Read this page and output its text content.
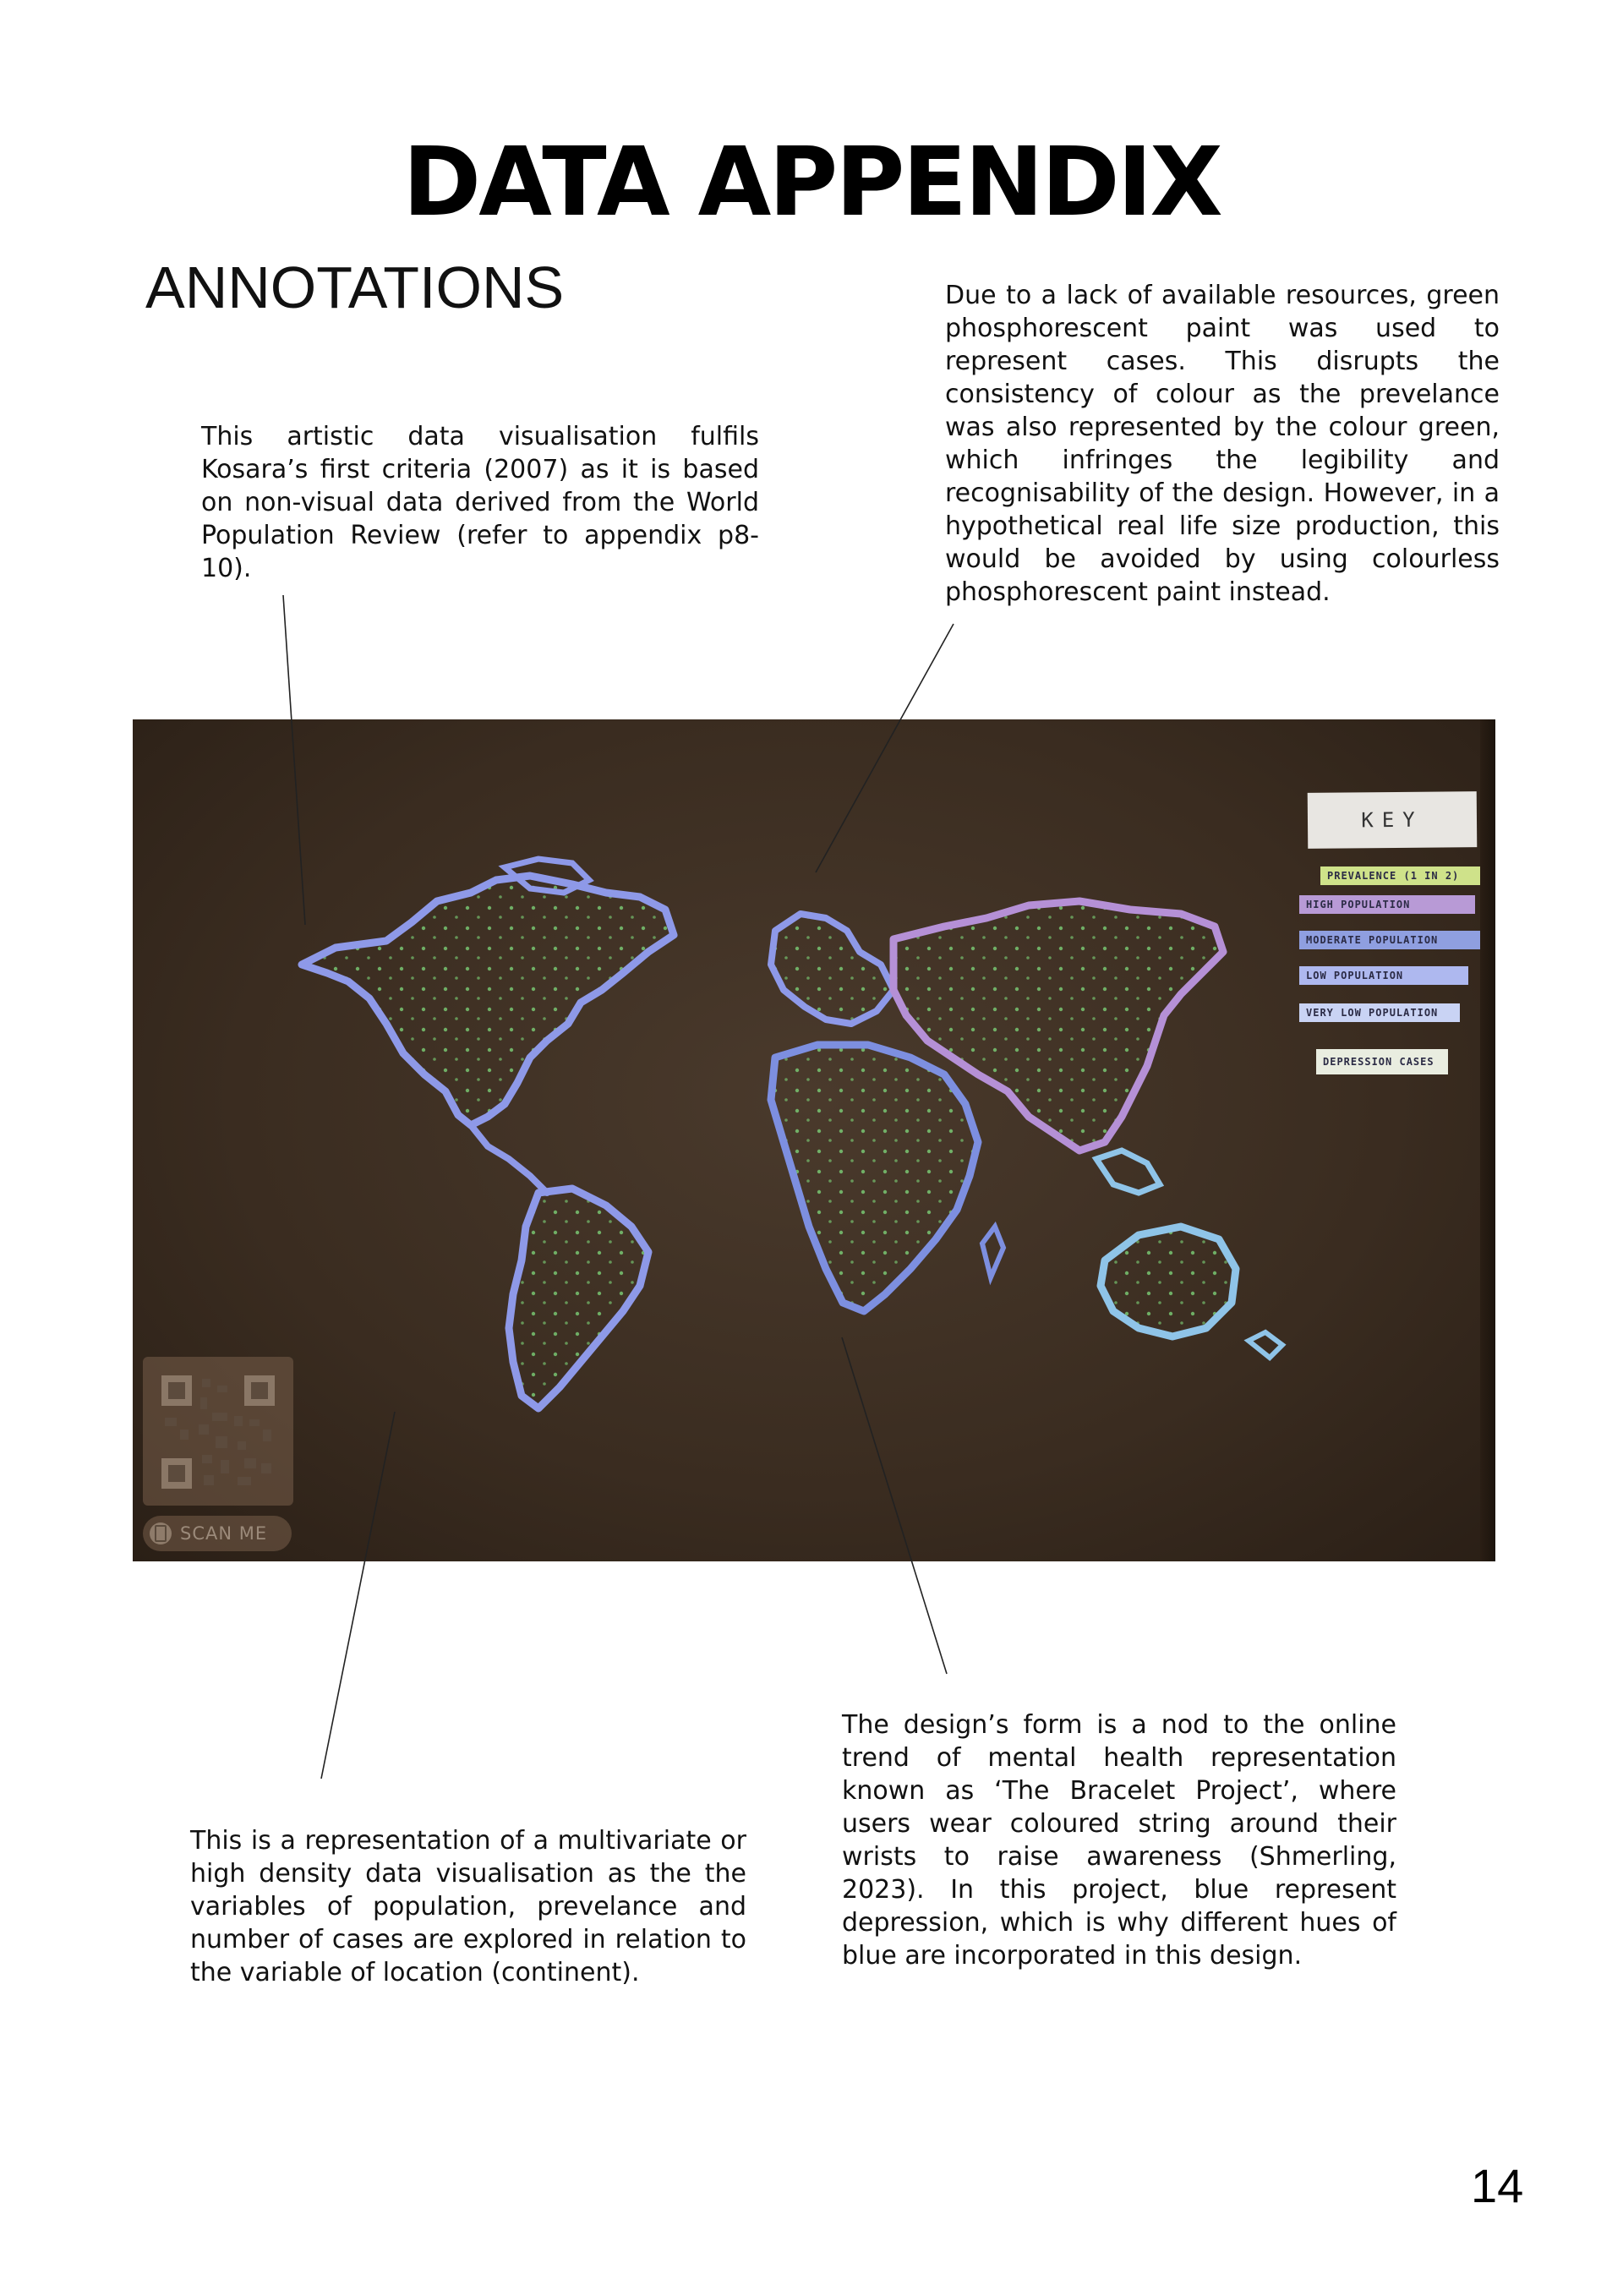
DATA APPENDIX
ANNOTATIONS
This artistic data visualisation fulfils Kosara’s first criteria (2007) as it is based on non-visual data derived from the World Population Review (refer to appendix p8-10).
Due to a lack of available resources, green phosphorescent paint was used to represent cases. This disrupts the consistency of colour as the prevelance was also represented by the colour green, which infringes the legibility and recognisability of the design. However, in a hypothetical real life size production, this would be avoided by using colourless phosphorescent paint instead.
KEY
PREVALENCE (1 IN 2)
HIGH POPULATION
MODERATE POPULATION
LOW POPULATION
VERY LOW POPULATION
DEPRESSION CASES
SCAN ME
This is a representation of a multivariate or high density data visualisation as the the variables of population, prevelance and number of cases are explored in relation to the variable of location (continent).
The design’s form is a nod to the online trend of mental health representation known as ‘The Bracelet Project’, where users wear coloured string around their wrists to raise awareness (Shmerling, 2023). In this project, blue represent depression, which is why different hues of blue are incorporated in this design.
14
